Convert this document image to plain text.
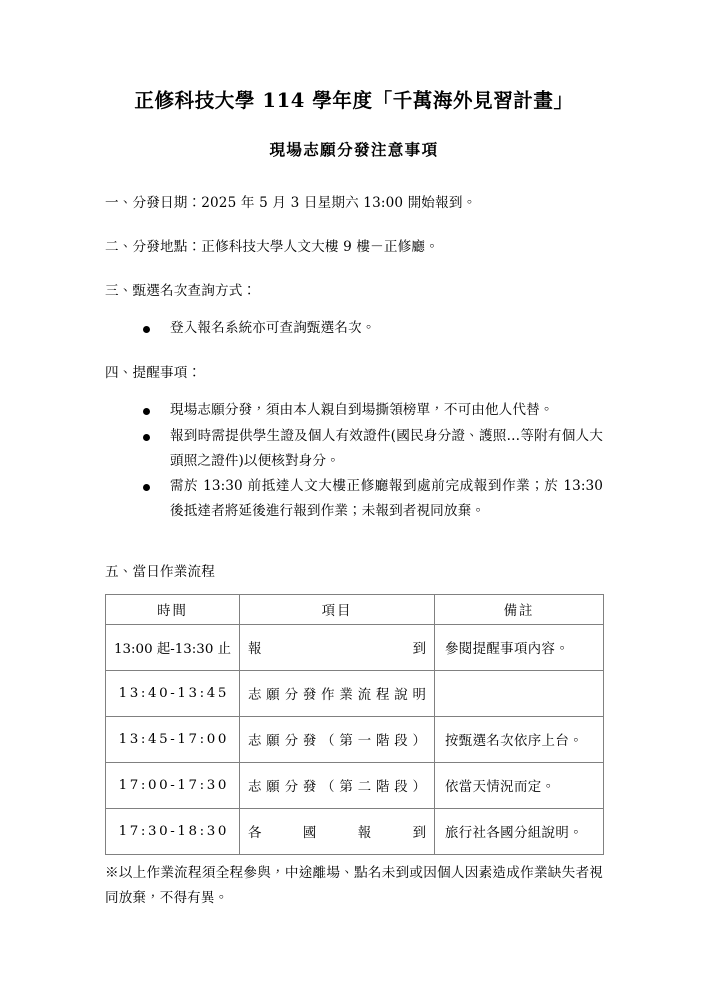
正修科技大學 114 學年度「千萬海外見習計畫」
現場志願分發注意事項

一、分發日期：2025 年 5 月 3 日星期六 13:00 開始報到。

二、分發地點：正修科技大學人文大樓 9 樓－正修廳。

三、甄選名次查詢方式：

登入報名系統亦可查詢甄選名次。

四、提醒事項：

現場志願分發，須由本人親自到場撕領榜單，不可由他人代替。
報到時需提供學生證及個人有效證件(國民身分證、護照…等附有個人大頭照之證件)以便核對身分。
需於 13:30 前抵達人文大樓正修廳報到處前完成報到作業；於 13:30 後抵達者將延後進行報到作業；未報到者視同放棄。

五、當日作業流程

時間	項目	備註
13:00 起-13:30 止	報 到	參閱提醒事項內容。
13:40-13:45	志 願 分 發 作 業 流 程 說 明

13:45-17:00	志 願 分 發 （ 第 一 階 段 ）	按甄選名次依序上台。
17:00-17:30	志 願 分 發 （ 第 二 階 段 ）	依當天情況而定。
17:30-18:30	各 國 報 到	旅行社各國分組說明。

※以上作業流程須全程參與，中途離場、點名未到或因個人因素造成作業缺失者視同放棄，不得有異。
